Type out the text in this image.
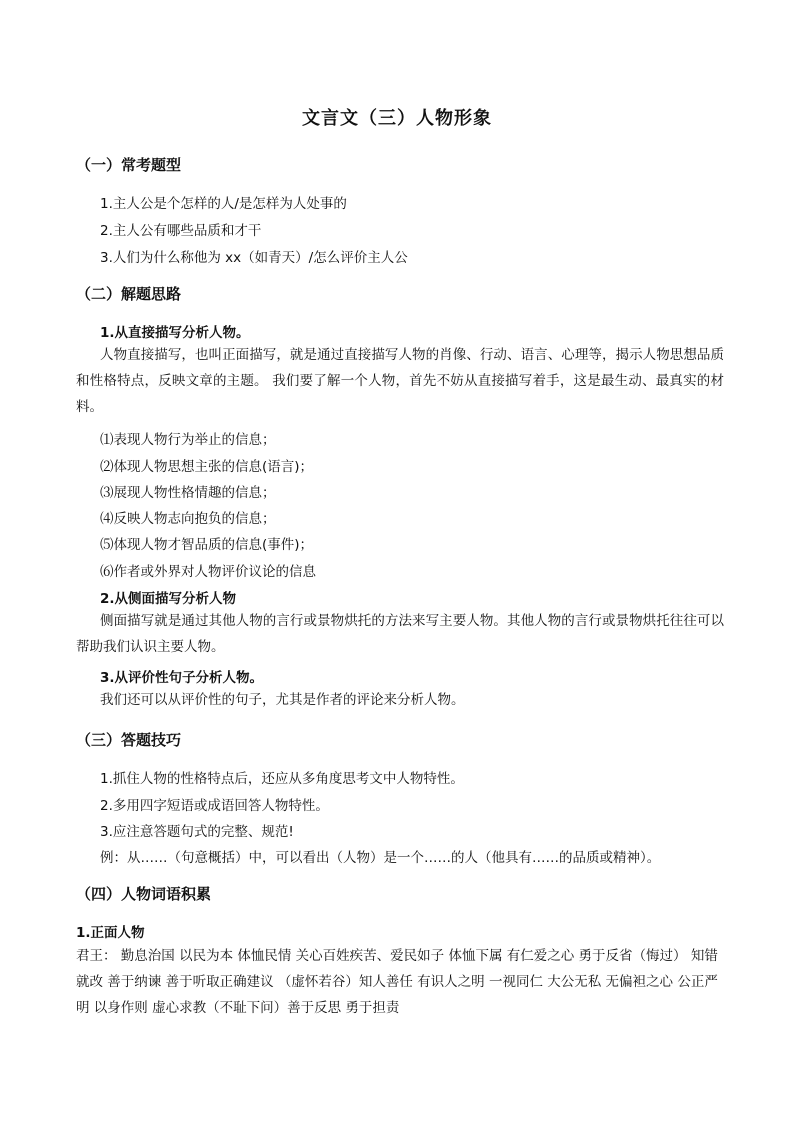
文言文（三）人物形象
（一）常考题型
1.主人公是个怎样的人/是怎样为人处事的
2.主人公有哪些品质和才干
3.人们为什么称他为 xx（如青天）/怎么评价主人公
（二）解题思路
1.从直接描写分析人物。
人物直接描写，也叫正面描写，就是通过直接描写人物的肖像、行动、语言、心理等，揭示人物思想品质和性格特点，反映文章的主题。 我们要了解一个人物，首先不妨从直接描写着手，这是最生动、最真实的材料。
⑴表现人物行为举止的信息；
⑵体现人物思想主张的信息(语言)；
⑶展现人物性格情趣的信息；
⑷反映人物志向抱负的信息；
⑸体现人物才智品质的信息(事件)；
⑹作者或外界对人物评价议论的信息
2.从侧面描写分析人物
侧面描写就是通过其他人物的言行或景物烘托的方法来写主要人物。其他人物的言行或景物烘托往往可以帮助我们认识主要人物。
3.从评价性句子分析人物。
我们还可以从评价性的句子，尤其是作者的评论来分析人物。
（三）答题技巧
1.抓住人物的性格特点后，还应从多角度思考文中人物特性。
2.多用四字短语或成语回答人物特性。
3.应注意答题句式的完整、规范!
例：从……（句意概括）中，可以看出（人物）是一个……的人（他具有……的品质或精神）。
（四）人物词语积累
1.正面人物
君王： 勤息治国 以民为本 体恤民情 关心百姓疾苦、爱民如子 体恤下属 有仁爱之心 勇于反省（悔过） 知错就改 善于纳谏 善于听取正确建议 （虚怀若谷）知人善任 有识人之明 一视同仁 大公无私 无偏袒之心 公正严明 以身作则 虚心求教（不耻下问）善于反思 勇于担责
